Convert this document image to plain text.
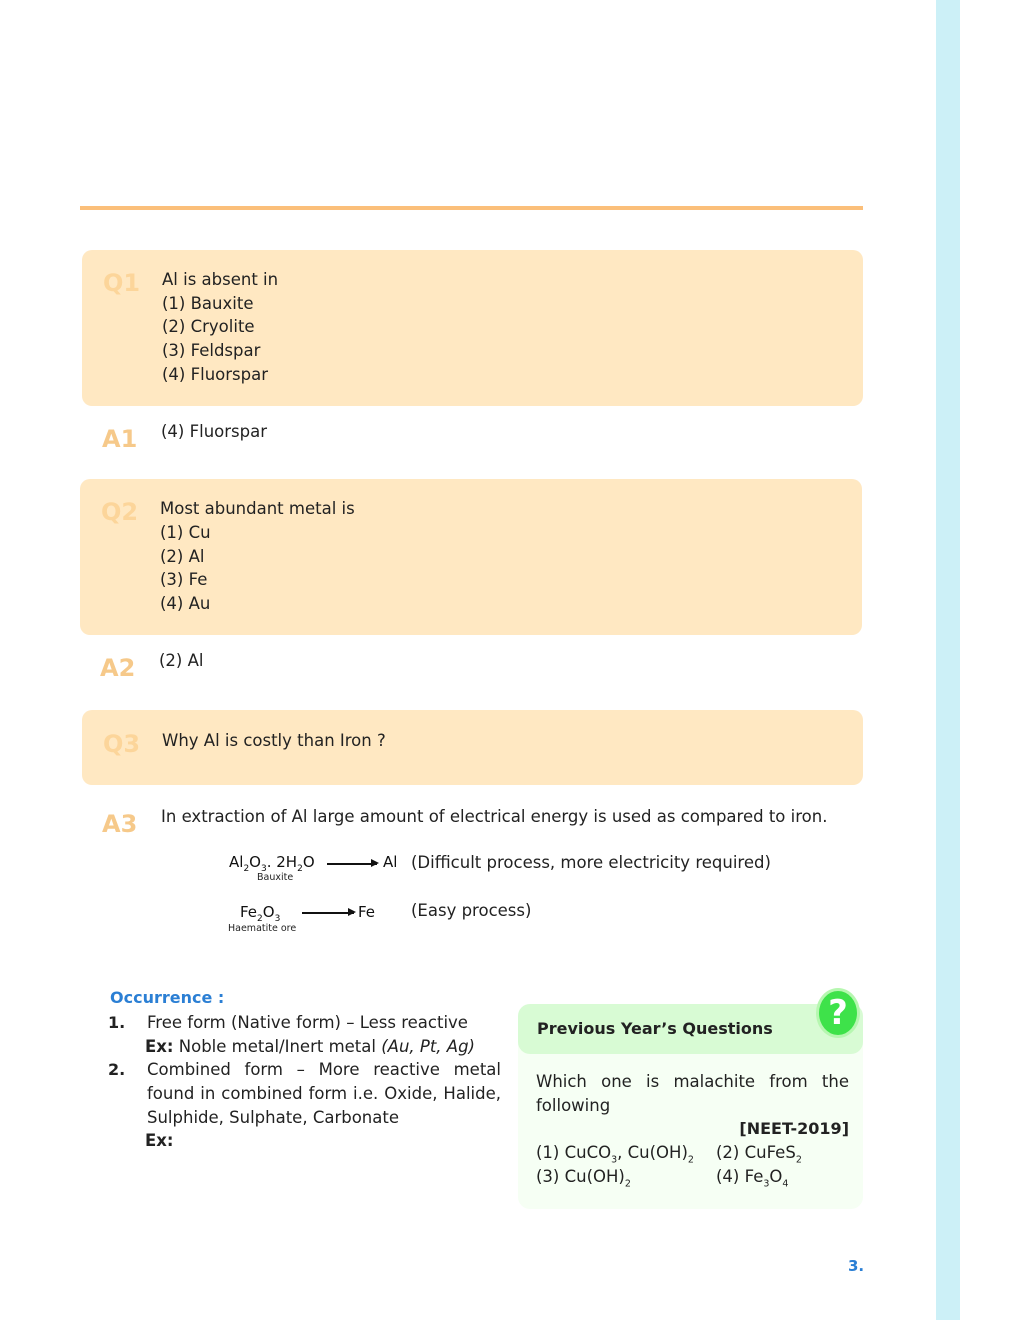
Q1 Al is absent in
(1) Bauxite
(2) Cryolite
(3) Feldspar
(4) Fluorspar
A1 (4) Fluorspar
Q2 Most abundant metal is
(1) Cu
(2) Al
(3) Fe
(4) Au
A2 (2) Al
Q3 Why Al is costly than Iron ?
A3 In extraction of Al large amount of electrical energy is used as compared to iron.
$Al_2O_3$. $2H_2O$
Bauxite
Al (Difficult process, more electricity required)
$Fe_2O_3$
Haematite ore
Fe (Easy process)
Occurrence :
1. Free form (Native form) – Less reactive
Ex: Noble metal/Inert metal (Au, Pt, Ag)
2. Combined form – More reactive metal found in combined form i.e. Oxide, Halide, Sulphide, Sulphate, Carbonate
Ex:
Previous Year’s Questions	?
Which one is malachite from the following
[NEET-2019]
(1) CuCO$_3$, $Cu(OH)_2$ (2) CuFeS$_2$
(3) $Cu(OH)_2$	(4) $Fe_3O_4$
3.
